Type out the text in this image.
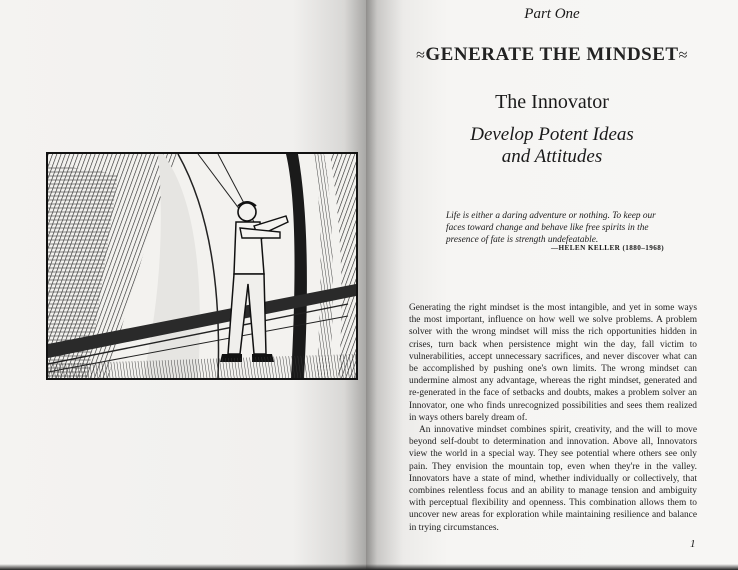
Part One
≈GENERATE THE MINDSET≈
The Innovator
Develop Potent Ideas
and Attitudes
Life is either a daring adventure or nothing. To keep our faces toward change and behave like free spirits in the presence of fate is strength undefeatable.
—HELEN KELLER (1880–1968)

Generating the right mindset is the most intangible, and yet in some ways the most important, influence on how well we solve problems. A problem solver with the wrong mindset will miss the rich opportunities hidden in crises, turn back when persistence might win the day, fall victim to vulnerabilities, accept unnecessary sacrifices, and never discover what can be accomplished by pushing one's own limits. The wrong mindset can undermine almost any advantage, whereas the right mindset, generated and re-generated in the face of setbacks and doubts, makes a problem solver an Innovator, one who finds unrecognized possibilities and sees them realized in ways others barely dream of.

An innovative mindset combines spirit, creativity, and the will to move beyond self-doubt to determination and innovation. Above all, Innovators view the world in a special way. They see potential where others see only pain. They envision the mountain top, even when they're in the valley. Innovators have a state of mind, whether individually or collectively, that combines relentless focus and an ability to manage tension and ambiguity with perceptual flexibility and openness. This combination allows them to uncover new areas for exploration while maintaining resilience and balance in trying circumstances.

1
